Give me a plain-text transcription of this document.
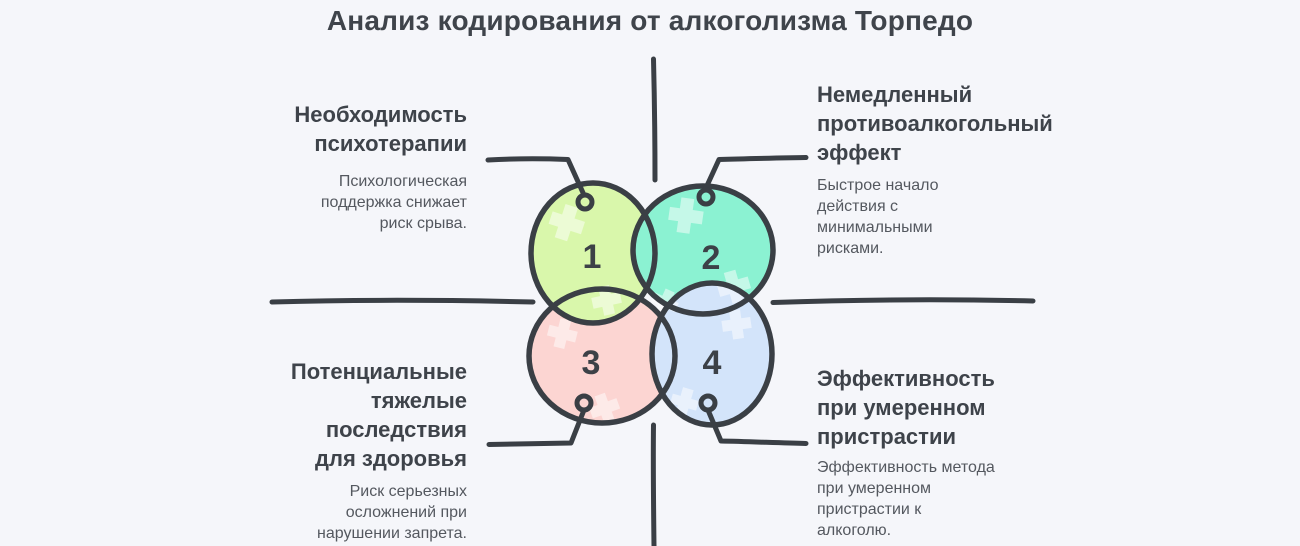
Анализ кодирования от алкоголизма Торпедо
1	2
3	4
Необходимость
психотерапии
Психологическая
поддержка снижает
риск срыва.
Немедленный
противоалкогольный
эффект
Быстрое начало
действия с
минимальными
рисками.
Потенциальные
тяжелые
последствия
для здоровья
Риск серьезных
осложнений при
нарушении запрета.
Эффективность
при умеренном
пристрастии
Эффективность метода
при умеренном
пристрастии к
алкоголю.
